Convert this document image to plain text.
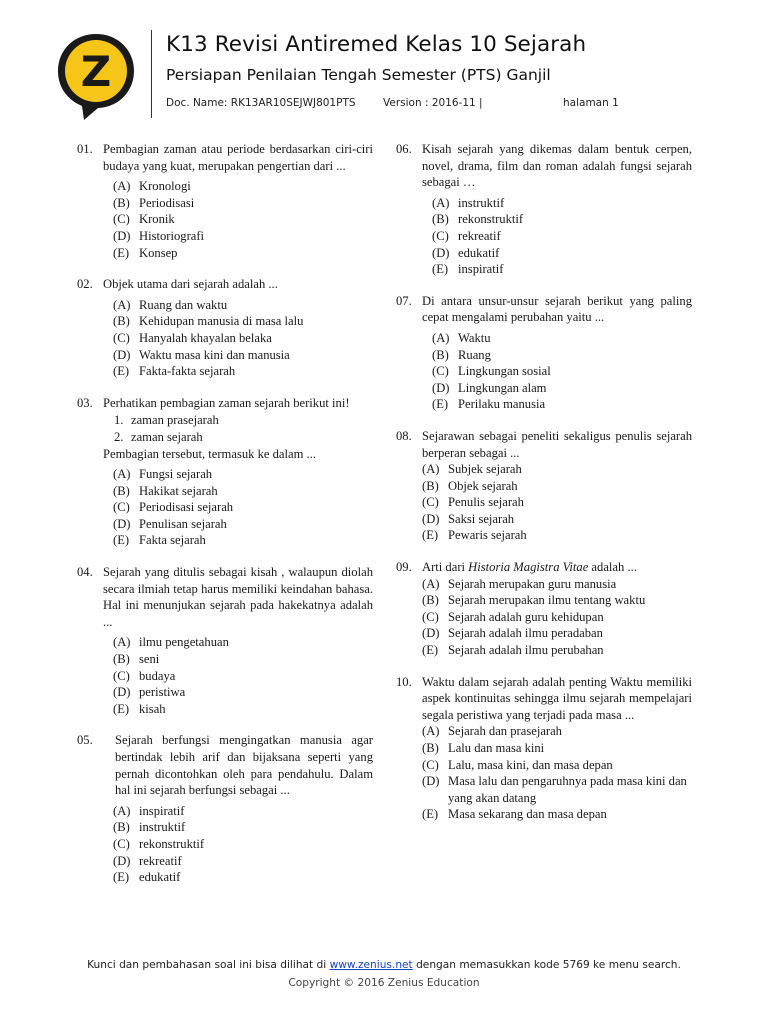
Z
K13 Revisi Antiremed Kelas 10 Sejarah
Persiapan Penilaian Tengah Semester (PTS) Ganjil
Doc. Name: RK13AR10SEJWJ801PTS	Version : 2016-11 |	halaman 1
01. Pembagian zaman atau periode berdasarkan ciri-ciri budaya yang kuat, merupakan pengertian dari ...
(A) Kronologi
(B) Periodisasi
(C) Kronik
(D) Historiografi
(E) Konsep
02. Objek utama dari sejarah adalah ...
(A) Ruang dan waktu
(B) Kehidupan manusia di masa lalu
(C) Hanyalah khayalan belaka
(D) Waktu masa kini dan manusia
(E) Fakta-fakta sejarah
03. Perhatikan pembagian zaman sejarah berikut ini!
1. zaman prasejarah
2. zaman sejarah
Pembagian tersebut, termasuk ke dalam ...
(A) Fungsi sejarah
(B) Hakikat sejarah
(C) Periodisasi sejarah
(D) Penulisan sejarah
(E) Fakta sejarah
04. Sejarah yang ditulis sebagai kisah , walaupun diolah secara ilmiah tetap harus memiliki keindahan bahasa. Hal ini menunjukan sejarah pada hakekatnya adalah ...
(A) ilmu pengetahuan
(B) seni
(C) budaya
(D) peristiwa
(E) kisah
05.	Sejarah berfungsi mengingatkan manusia agar bertindak lebih arif dan bijaksana seperti yang pernah dicontohkan oleh para pendahulu. Dalam hal ini sejarah berfungsi sebagai ...
(A) inspiratif
(B) instruktif
(C) rekonstruktif
(D) rekreatif
(E) edukatif
06. Kisah sejarah yang dikemas dalam bentuk cerpen, novel, drama, film dan roman adalah fungsi sejarah sebagai …
(A) instruktif
(B) rekonstruktif
(C) rekreatif
(D) edukatif
(E) inspiratif
07. Di antara unsur-unsur sejarah berikut yang paling cepat mengalami perubahan yaitu ...
(A) Waktu
(B) Ruang
(C) Lingkungan sosial
(D) Lingkungan alam
(E) Perilaku manusia
08. Sejarawan sebagai peneliti sekaligus penulis sejarah berperan sebagai ...
(A) Subjek sejarah
(B) Objek sejarah
(C) Penulis sejarah
(D) Saksi sejarah
(E) Pewaris sejarah
09. Arti dari Historia Magistra Vitae adalah ...
(A) Sejarah merupakan guru manusia
(B) Sejarah merupakan ilmu tentang waktu
(C) Sejarah adalah guru kehidupan
(D) Sejarah adalah ilmu peradaban
(E) Sejarah adalah ilmu perubahan
10. Waktu dalam sejarah adalah penting Waktu memiliki aspek kontinuitas sehingga ilmu sejarah mempelajari segala peristiwa yang terjadi pada masa ...
(A) Sejarah dan prasejarah
(B) Lalu dan masa kini
(C) Lalu, masa kini, dan masa depan
(D) Masa lalu dan pengaruhnya pada masa kini dan yang akan datang
(E) Masa sekarang dan masa depan
Kunci dan pembahasan soal ini bisa dilihat di www.zenius.net dengan memasukkan kode 5769 ke menu search.
Copyright © 2016 Zenius Education
